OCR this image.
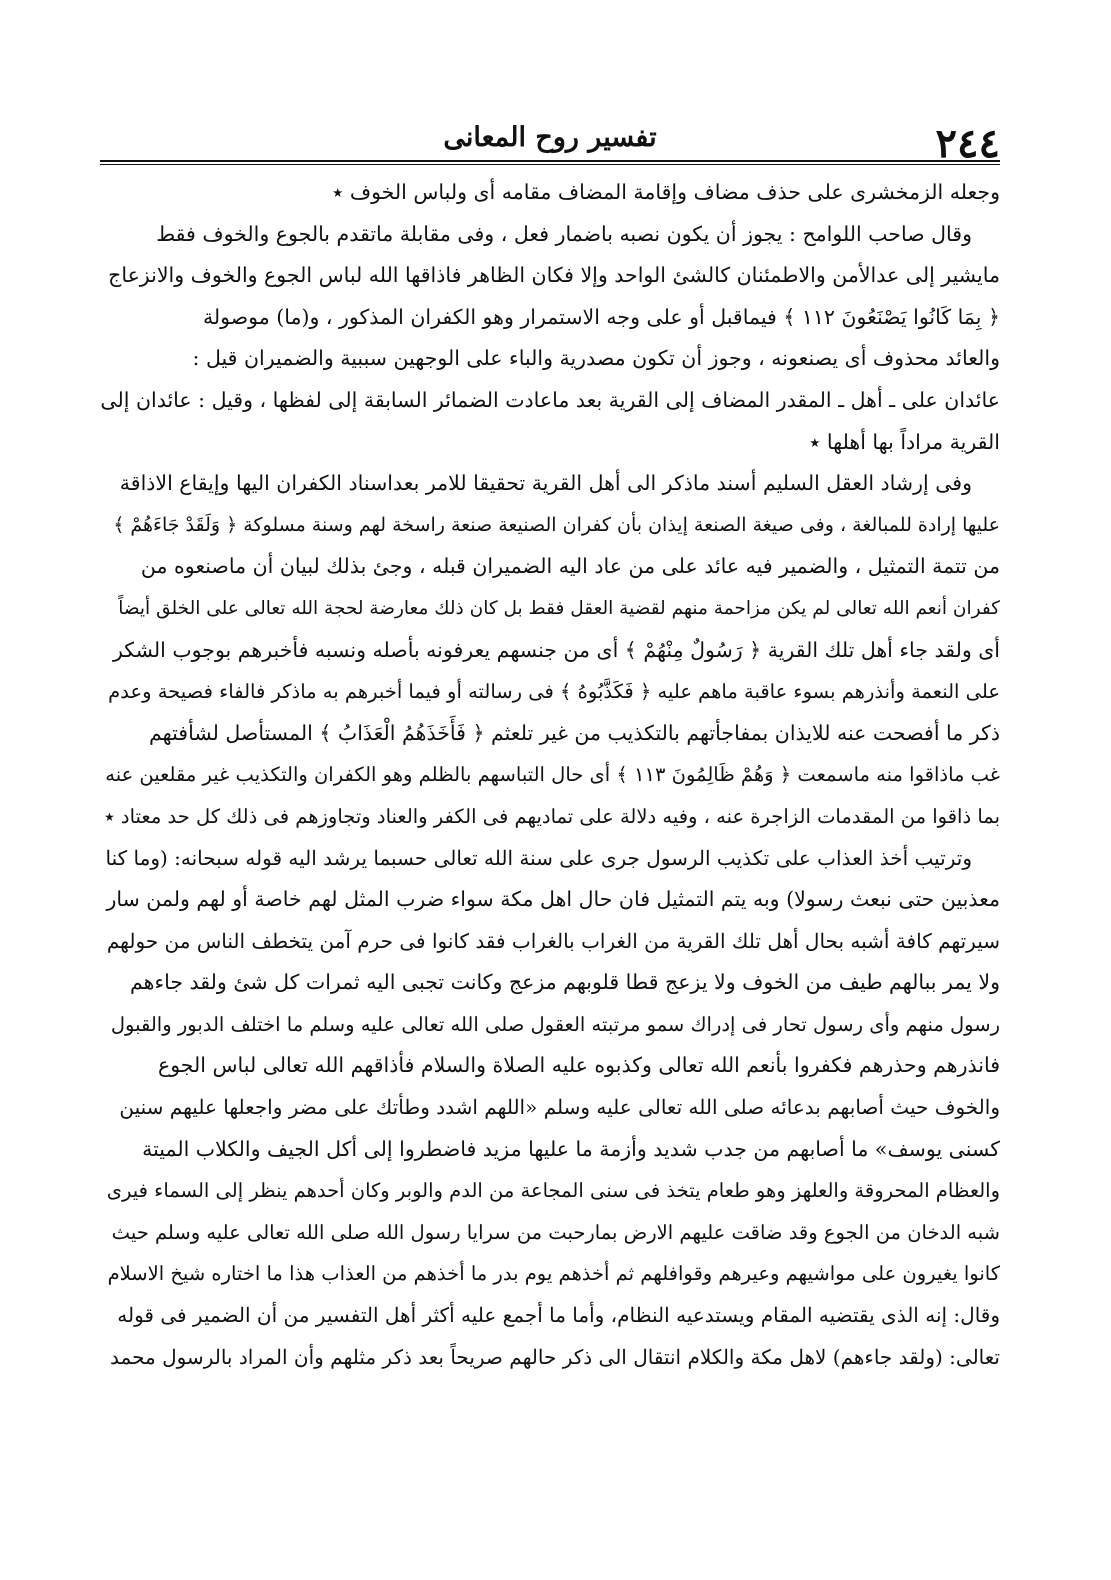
٢٤٤
تفسير روح المعانى
وجعله الزمخشرى على حذف مضاف وإقامة المضاف مقامه أى ولباس الخوف ٭
وقال صاحب اللوامح : يجوز أن يكون نصبه باضمار فعل ، وفى مقابلة ماتقدم بالجوع والخوف فقط
مايشير إلى عدالأمن والاطمئنان كالشئ الواحد وإلا فكان الظاهر فاذاقها الله لباس الجوع والخوف والانزعاج
﴿ بِمَا كَانُوا يَصْنَعُونَ ١١٢ ﴾ فيماقبل أو على وجه الاستمرار وهو الكفران المذكور ، و(ما) موصولة
والعائد محذوف أى يصنعونه ، وجوز أن تكون مصدرية والباء على الوجهين سببية والضميران قيل :
عائدان على ـ أهل ـ المقدر المضاف إلى القرية بعد ماعادت الضمائر السابقة إلى لفظها ، وقيل : عائدان إلى
القرية مراداً بها أهلها ٭
وفى إرشاد العقل السليم أسند ماذكر الى أهل القرية تحقيقا للامر بعداسناد الكفران اليها وإيقاع الاذاقة
عليها إرادة للمبالغة ، وفى صيغة الصنعة إيذان بأن كفران الصنيعة صنعة راسخة لهم وسنة مسلوكة ﴿ وَلَقَدْ جَاءَهُمْ ﴾
من تتمة التمثيل ، والضمير فيه عائد على من عاد اليه الضميران قبله ، وجئ بذلك لبيان أن ماصنعوه من
كفران أنعم الله تعالى لم يكن مزاحمة منهم لقضية العقل فقط بل كان ذلك معارضة لحجة الله تعالى على الخلق أيضاً
أى ولقد جاء أهل تلك القرية ﴿ رَسُولٌ مِنْهُمْ ﴾ أى من جنسهم يعرفونه بأصله ونسبه فأخبرهم بوجوب الشكر
على النعمة وأنذرهم بسوء عاقبة ماهم عليه ﴿ فَكَذَّبُوهُ ﴾ فى رسالته أو فيما أخبرهم به ماذكر فالفاء فصيحة وعدم
ذكر ما أفصحت عنه للايذان بمفاجأتهم بالتكذيب من غير تلعثم ﴿ فَأَخَذَهُمُ الْعَذَابُ ﴾ المستأصل لشأفتهم
غب ماذاقوا منه ماسمعت ﴿ وَهُمْ ظَالِمُونَ ١١٣ ﴾ أى حال التباسهم بالظلم وهو الكفران والتكذيب غير مقلعين عنه
بما ذاقوا من المقدمات الزاجرة عنه ، وفيه دلالة على تماديهم فى الكفر والعناد وتجاوزهم فى ذلك كل حد معتاد ٭
وترتيب أخذ العذاب على تكذيب الرسول جرى على سنة الله تعالى حسبما يرشد اليه قوله سبحانه: (وما كنا
معذبين حتى نبعث رسولا) وبه يتم التمثيل فان حال اهل مكة سواء ضرب المثل لهم خاصة أو لهم ولمن سار
سيرتهم كافة أشبه بحال أهل تلك القرية من الغراب بالغراب فقد كانوا فى حرم آمن يتخطف الناس من حولهم
ولا يمر ببالهم طيف من الخوف ولا يزعج قطا قلوبهم مزعج وكانت تجبى اليه ثمرات كل شئ ولقد جاءهم
رسول منهم وأى رسول تحار فى إدراك سمو مرتبته العقول صلى الله تعالى عليه وسلم ما اختلف الدبور والقبول
فانذرهم وحذرهم فكفروا بأنعم الله تعالى وكذبوه عليه الصلاة والسلام فأذاقهم الله تعالى لباس الجوع
والخوف حيث أصابهم بدعائه صلى الله تعالى عليه وسلم «اللهم اشدد وطأتك على مضر واجعلها عليهم سنين
كسنى يوسف» ما أصابهم من جدب شديد وأزمة ما عليها مزيد فاضطروا إلى أكل الجيف والكلاب الميتة
والعظام المحروقة والعلهز وهو طعام يتخذ فى سنى المجاعة من الدم والوبر وكان أحدهم ينظر إلى السماء فيرى
شبه الدخان من الجوع وقد ضاقت عليهم الارض بمارحبت من سرايا رسول الله صلى الله تعالى عليه وسلم حيث
كانوا يغيرون على مواشيهم وعيرهم وقوافلهم ثم أخذهم يوم بدر ما أخذهم من العذاب هذا ما اختاره شيخ الاسلام
وقال: إنه الذى يقتضيه المقام ويستدعيه النظام، وأما ما أجمع عليه أكثر أهل التفسير من أن الضمير فى قوله
تعالى: (ولقد جاءهم) لاهل مكة والكلام انتقال الى ذكر حالهم صريحاً بعد ذكر مثلهم وأن المراد بالرسول محمد
